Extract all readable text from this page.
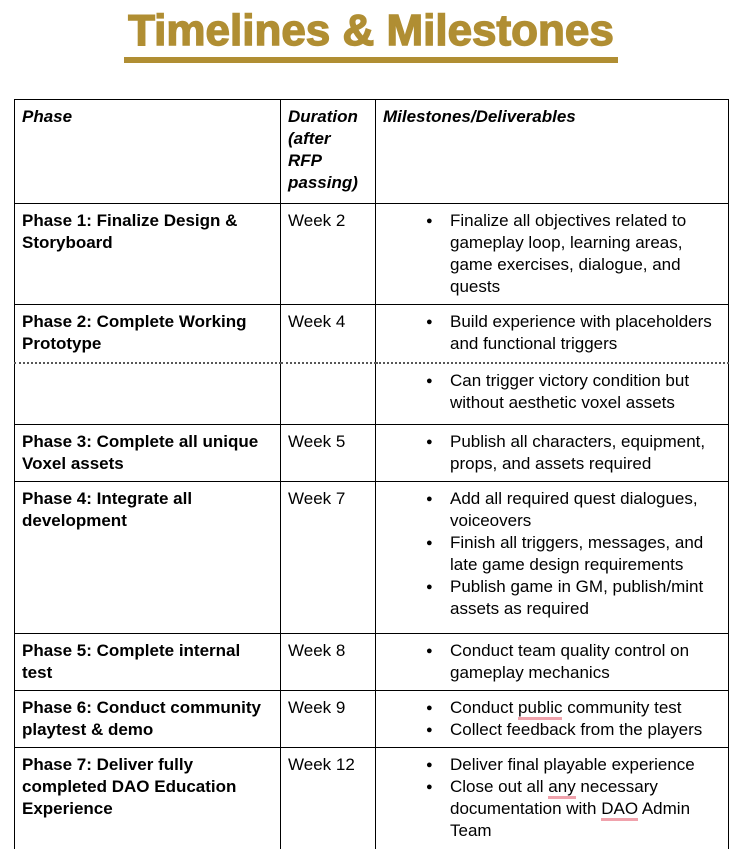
Timelines & Milestones
Phase	Duration (after RFP passing)	Milestones/Deliverables
Phase 1: Finalize Design & Storyboard	Week 2	
●Finalize all objectives related to gameplay loop, learning areas, game exercises, dialogue, and quests

Phase 2: Complete Working Prototype	Week 4	
●Build experience with placeholders and functional triggers

● Can trigger victory condition but without aesthetic voxel assets

Phase 3: Complete all unique Voxel assets	Week 5	
●Publish all characters, equipment, props, and assets required

Phase 4: Integrate all development	Week 7	
●Add all required quest dialogues, voiceovers
● Finish all triggers, messages, and late game design requirements
● Publish game in GM, publish/mint assets as required

Phase 5: Complete internal test	Week 8	
●Conduct team quality control on gameplay mechanics

Phase 6: Conduct community playtest & demo	Week 9	
●Conduct public community test
● Collect feedback from the players

Phase 7: Deliver fully completed DAO Education Experience	Week 12	
●Deliver final playable experience
● Close out all any necessary documentation with DAO Admin Team
